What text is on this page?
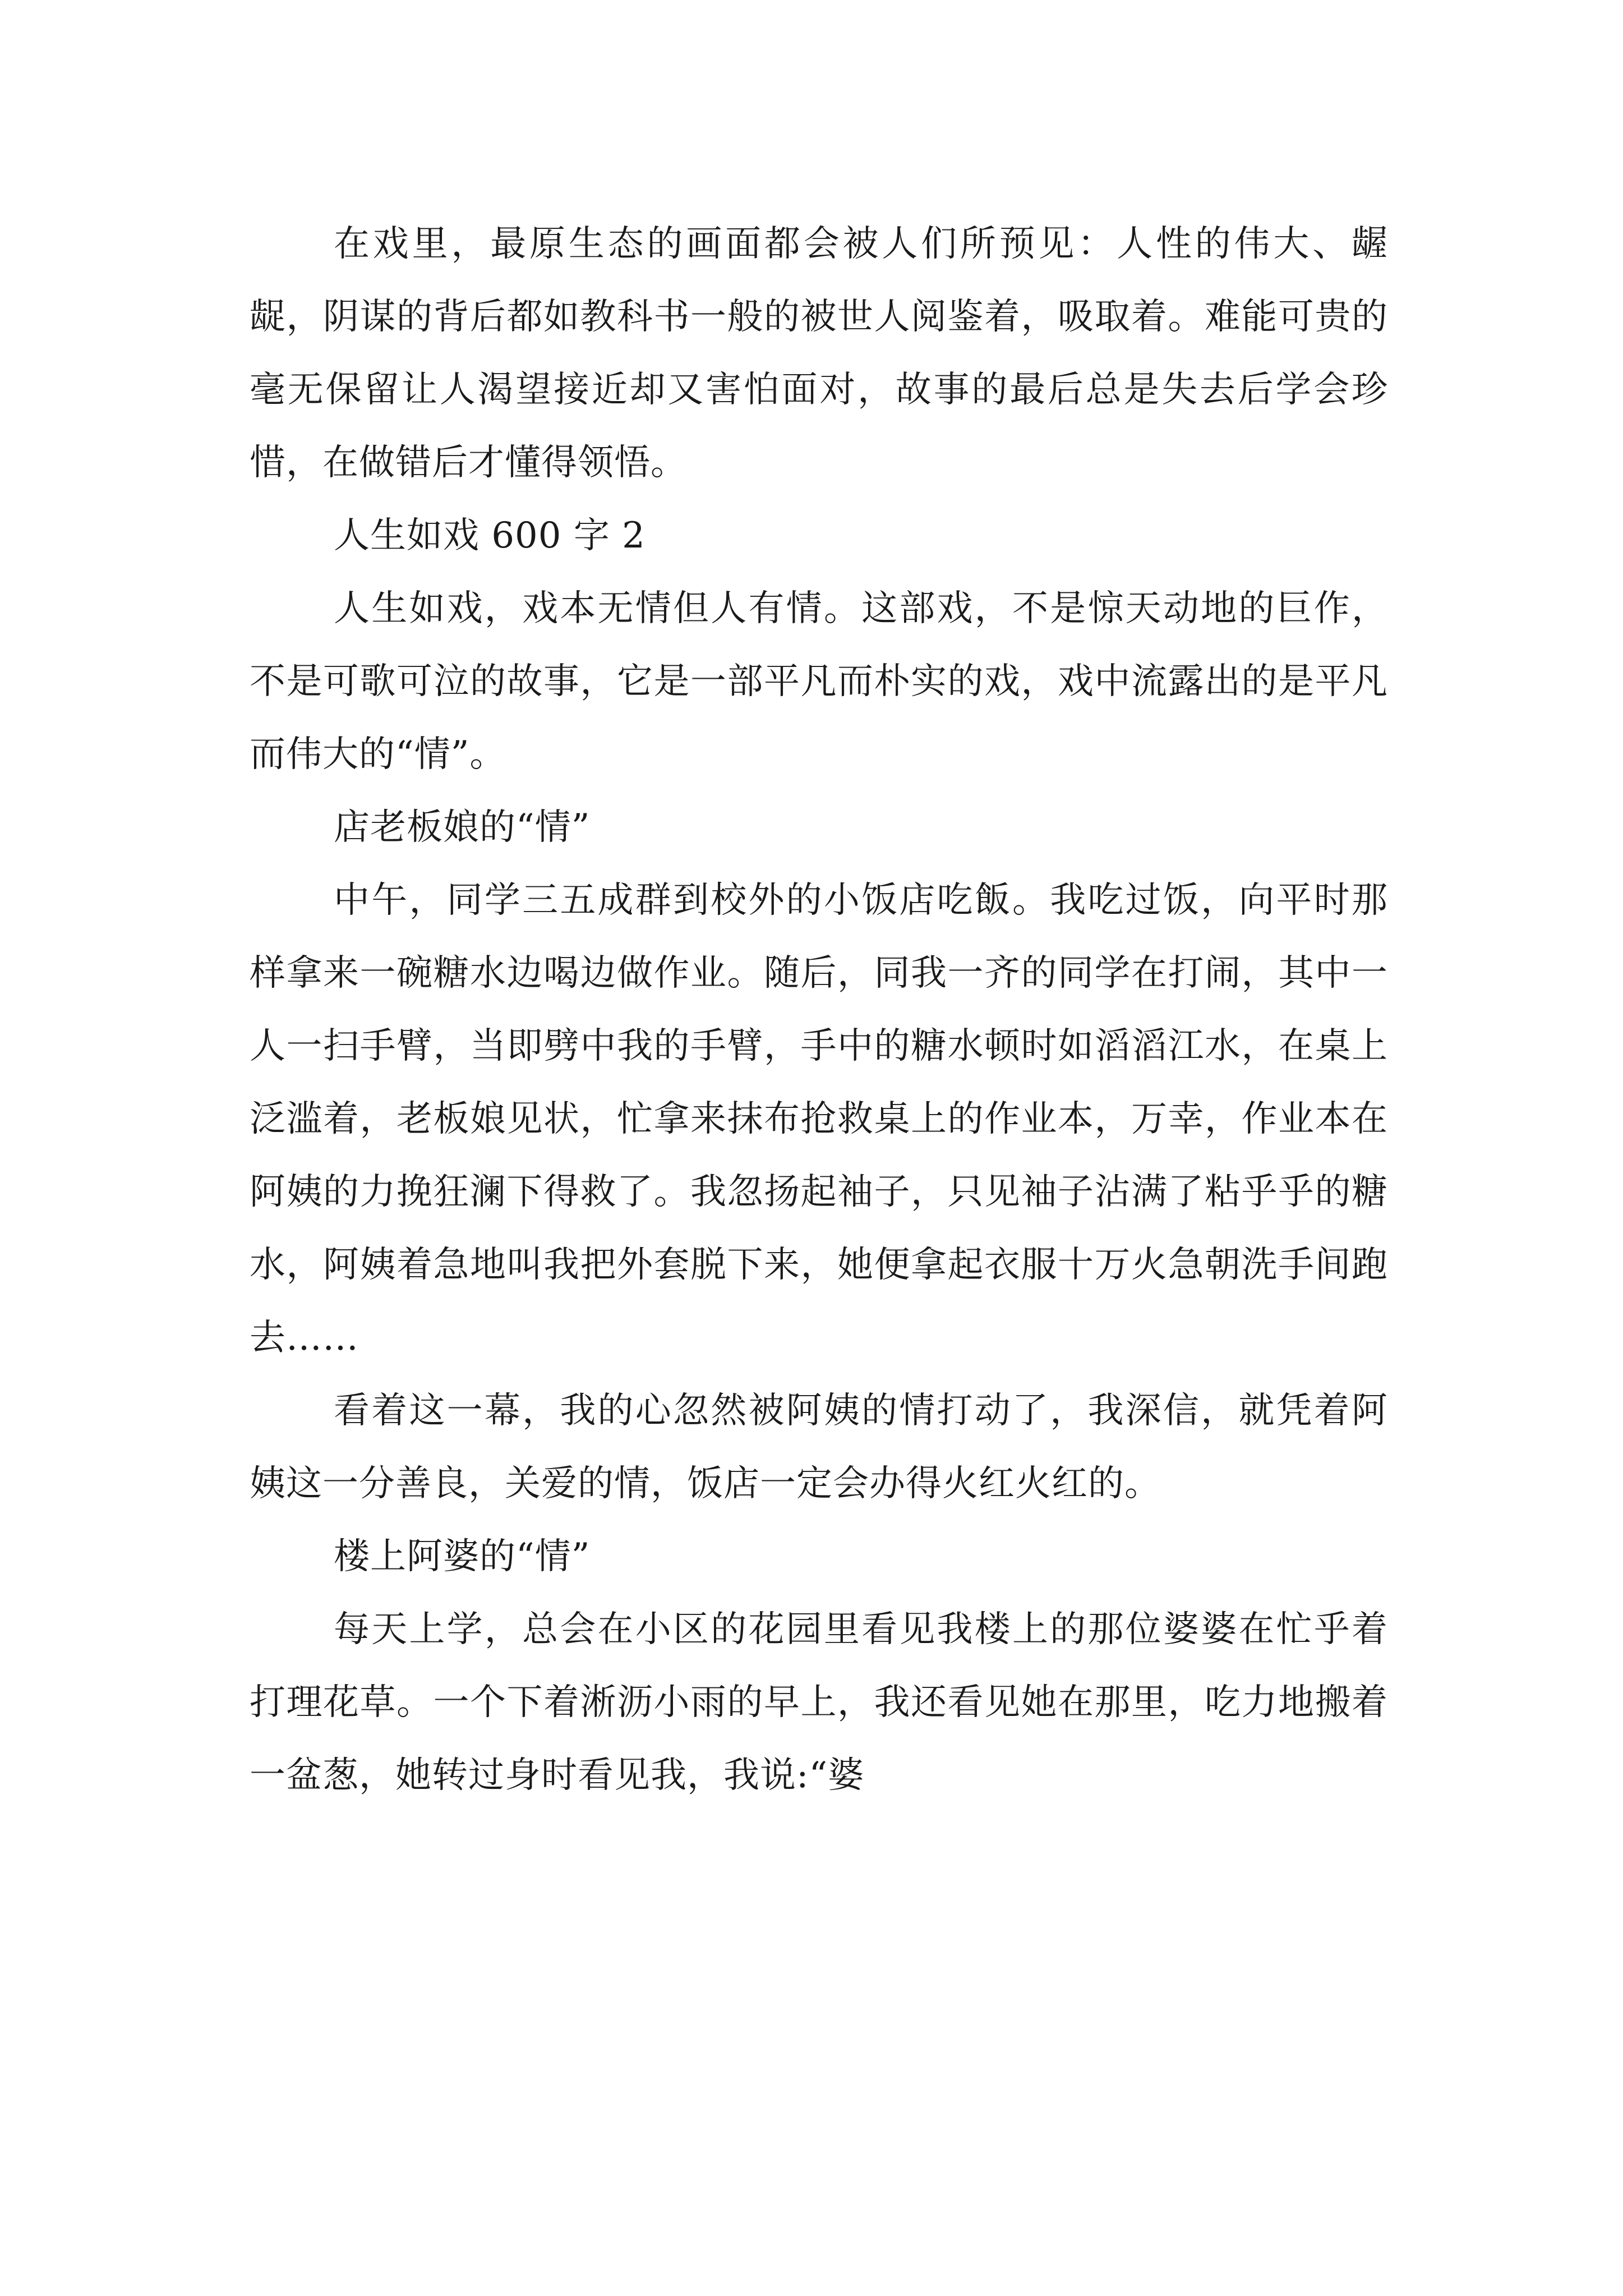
在戏里，最原生态的画面都会被人们所预见：人性的伟大、龌龊，阴谋的背后都如教科书一般的被世人阅鉴着，吸取着。难能可贵的毫无保留让人渴望接近却又害怕面对，故事的最后总是失去后学会珍惜，在做错后才懂得领悟。

人生如戏 600 字 2

人生如戏，戏本无情但人有情。这部戏，不是惊天动地的巨作，不是可歌可泣的故事，它是一部平凡而朴实的戏，戏中流露出的是平凡而伟大的“情”。

店老板娘的“情”

中午，同学三五成群到校外的小饭店吃飯。我吃过饭，向平时那样拿来一碗糖水边喝边做作业。随后，同我一齐的同学在打闹，其中一人一扫手臂，当即劈中我的手臂，手中的糖水顿时如滔滔江水，在桌上泛滥着，老板娘见状，忙拿来抹布抢救桌上的作业本，万幸，作业本在阿姨的力挽狂澜下得救了。我忽扬起袖子，只见袖子沾满了粘乎乎的糖水，阿姨着急地叫我把外套脱下来，她便拿起衣服十万火急朝洗手间跑去……

看着这一幕，我的心忽然被阿姨的情打动了，我深信，就凭着阿姨这一分善良，关爱的情，饭店一定会办得火红火红的。

楼上阿婆的“情”

每天上学，总会在小区的花园里看见我楼上的那位婆婆在忙乎着打理花草。一个下着淅沥小雨的早上，我还看见她在那里，吃力地搬着一盆葱，她转过身时看见我，我说:“婆
